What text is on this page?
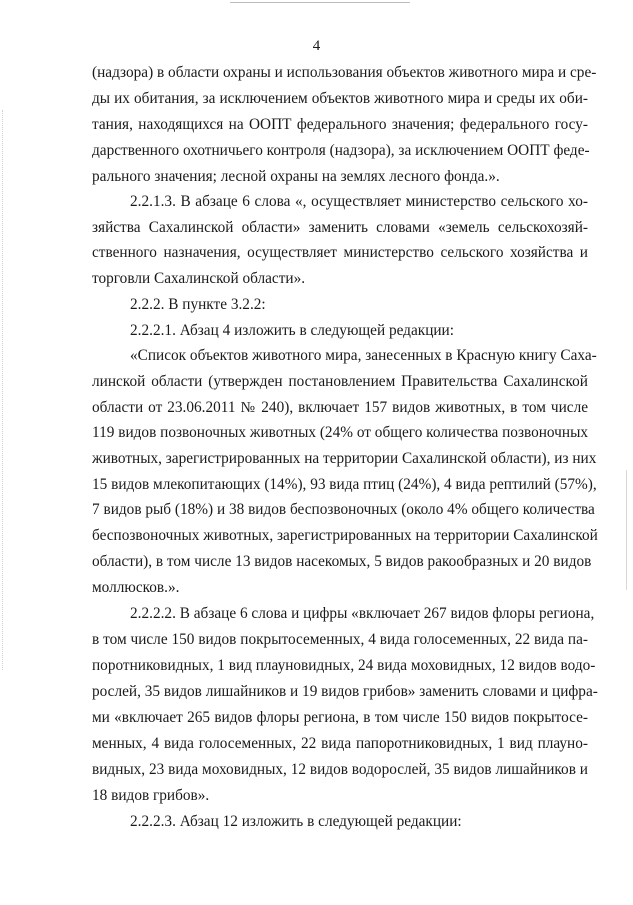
4
(надзора) в области охраны и использования объектов животного мира и сре-
ды их обитания, за исключением объектов животного мира и среды их оби-
тания, находящихся на ООПТ федерального значения; федерального госу-
дарственного охотничьего контроля (надзора), за исключением ООПТ феде-
рального значения; лесной охраны на землях лесного фонда.».
2.2.1.3. В абзаце 6 слова «, осуществляет министерство сельского хо-
зяйства Сахалинской области» заменить словами «земель сельскохозяй-
ственного назначения, осуществляет министерство сельского хозяйства и
торговли Сахалинской области».
2.2.2. В пункте 3.2.2:
2.2.2.1. Абзац 4 изложить в следующей редакции:
«Список объектов животного мира, занесенных в Красную книгу Саха-
линской области (утвержден постановлением Правительства Сахалинской
области от 23.06.2011 № 240), включает 157 видов животных, в том числе
119 видов позвоночных животных (24% от общего количества позвоночных
животных, зарегистрированных на территории Сахалинской области), из них
15 видов млекопитающих (14%), 93 вида птиц (24%), 4 вида рептилий (57%),
7 видов рыб (18%) и 38 видов беспозвоночных (около 4% общего количества
беспозвоночных животных, зарегистрированных на территории Сахалинской
области), в том числе 13 видов насекомых, 5 видов ракообразных и 20 видов
моллюсков.».
2.2.2.2. В абзаце 6 слова и цифры «включает 267 видов флоры региона,
в том числе 150 видов покрытосеменных, 4 вида голосеменных, 22 вида па-
поротниковидных, 1 вид плауновидных, 24 вида моховидных, 12 видов водо-
рослей, 35 видов лишайников и 19 видов грибов» заменить словами и цифра-
ми «включает 265 видов флоры региона, в том числе 150 видов покрытосе-
менных, 4 вида голосеменных, 22 вида папоротниковидных, 1 вид плауно-
видных, 23 вида моховидных, 12 видов водорослей, 35 видов лишайников и
18 видов грибов».
2.2.2.3. Абзац 12 изложить в следующей редакции:
